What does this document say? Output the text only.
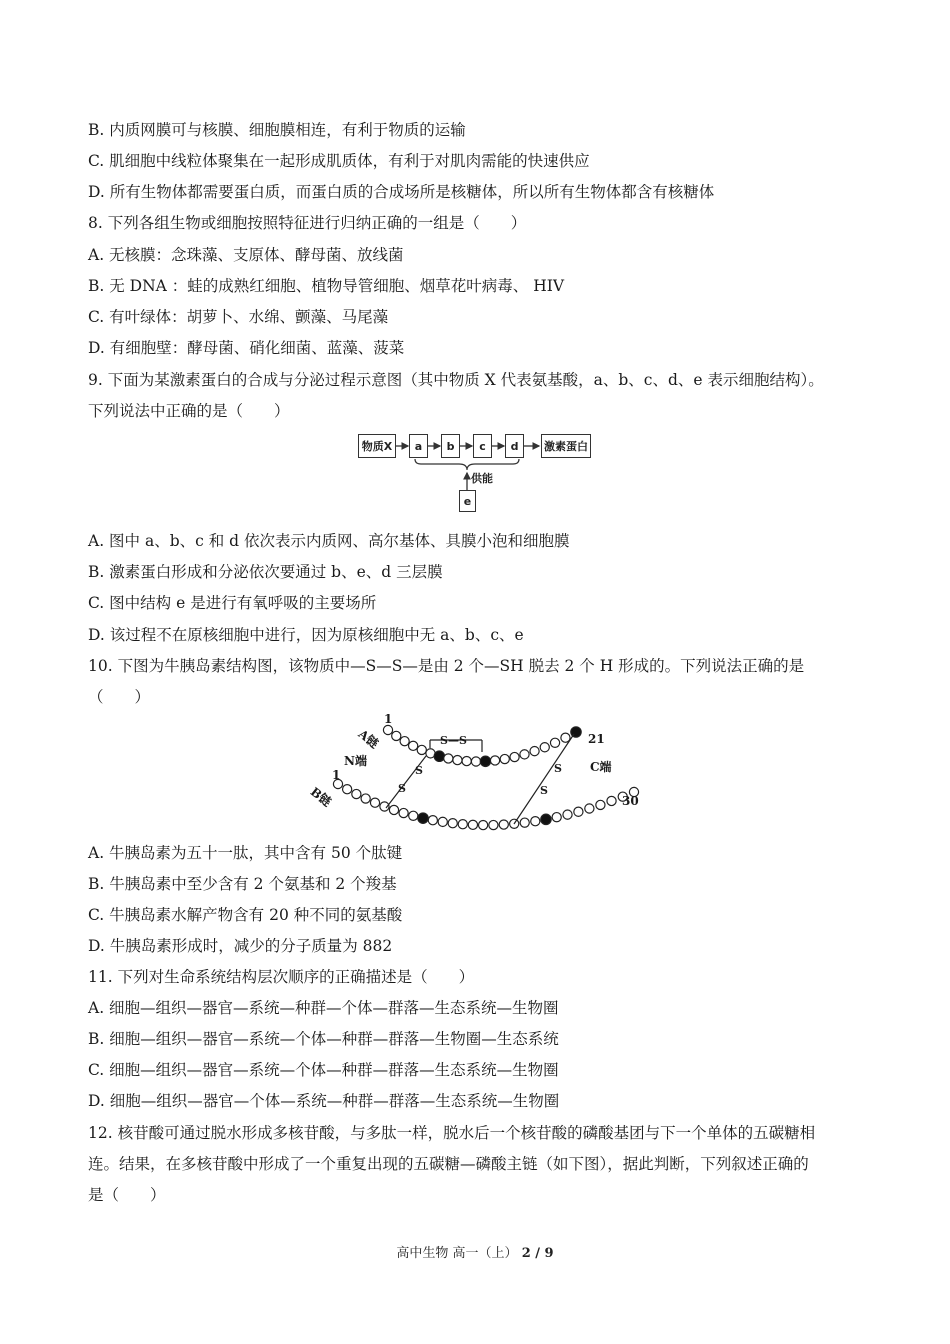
B. 内质网膜可与核膜、细胞膜相连，有利于物质的运输
C. 肌细胞中线粒体聚集在一起形成肌质体，有利于对肌肉需能的快速供应
D. 所有生物体都需要蛋白质，而蛋白质的合成场所是核糖体，所以所有生物体都含有核糖体
8. 下列各组生物或细胞按照特征进行归纳正确的一组是（　　）
A. 无核膜：念珠藻、支原体、酵母菌、放线菌
B. 无 DNA ：蛙的成熟红细胞、植物导管细胞、烟草花叶病毒、 HIV
C. 有叶绿体：胡萝卜、水绵、颤藻、马尾藻
D. 有细胞壁：酵母菌、硝化细菌、蓝藻、菠菜
9. 下面为某激素蛋白的合成与分泌过程示意图（其中物质 X 代表氨基酸，a、b、c、d、e 表示细胞结构）。
下列说法中正确的是（　　）
A. 图中 a、b、c 和 d 依次表示内质网、高尔基体、具膜小泡和细胞膜
B. 激素蛋白形成和分泌依次要通过 b、e、d 三层膜
C. 图中结构 e 是进行有氧呼吸的主要场所
D. 该过程不在原核细胞中进行，因为原核细胞中无 a、b、c、e
10. 下图为牛胰岛素结构图，该物质中—S—S—是由 2 个—SH 脱去 2 个 H 形成的。下列说法正确的是
（　　）
A. 牛胰岛素为五十一肽，其中含有 50 个肽键
B. 牛胰岛素中至少含有 2 个氨基和 2 个羧基
C. 牛胰岛素水解产物含有 20 种不同的氨基酸
D. 牛胰岛素形成时，减少的分子质量为 882
11. 下列对生命系统结构层次顺序的正确描述是（　　）
A. 细胞—组织—器官—系统—种群—个体—群落—生态系统—生物圈
B. 细胞—组织—器官—系统—个体—种群—群落—生物圈—生态系统
C. 细胞—组织—器官—系统—个体—种群—群落—生态系统—生物圈
D. 细胞—组织—器官—个体—系统—种群—群落—生态系统—生物圈
12. 核苷酸可通过脱水形成多核苷酸，与多肽一样，脱水后一个核苷酸的磷酸基团与下一个单体的五碳糖相
连。结果，在多核苷酸中形成了一个重复出现的五碳糖—磷酸主链（如下图），据此判断，下列叙述正确的
是（　　）
物质X	a	b	c	d	激素蛋白
供能
e
1
A链
N端
1
B链
21
C端
30
S—S
S
S
S
S
高中生物 高一（上） 2 / 9
